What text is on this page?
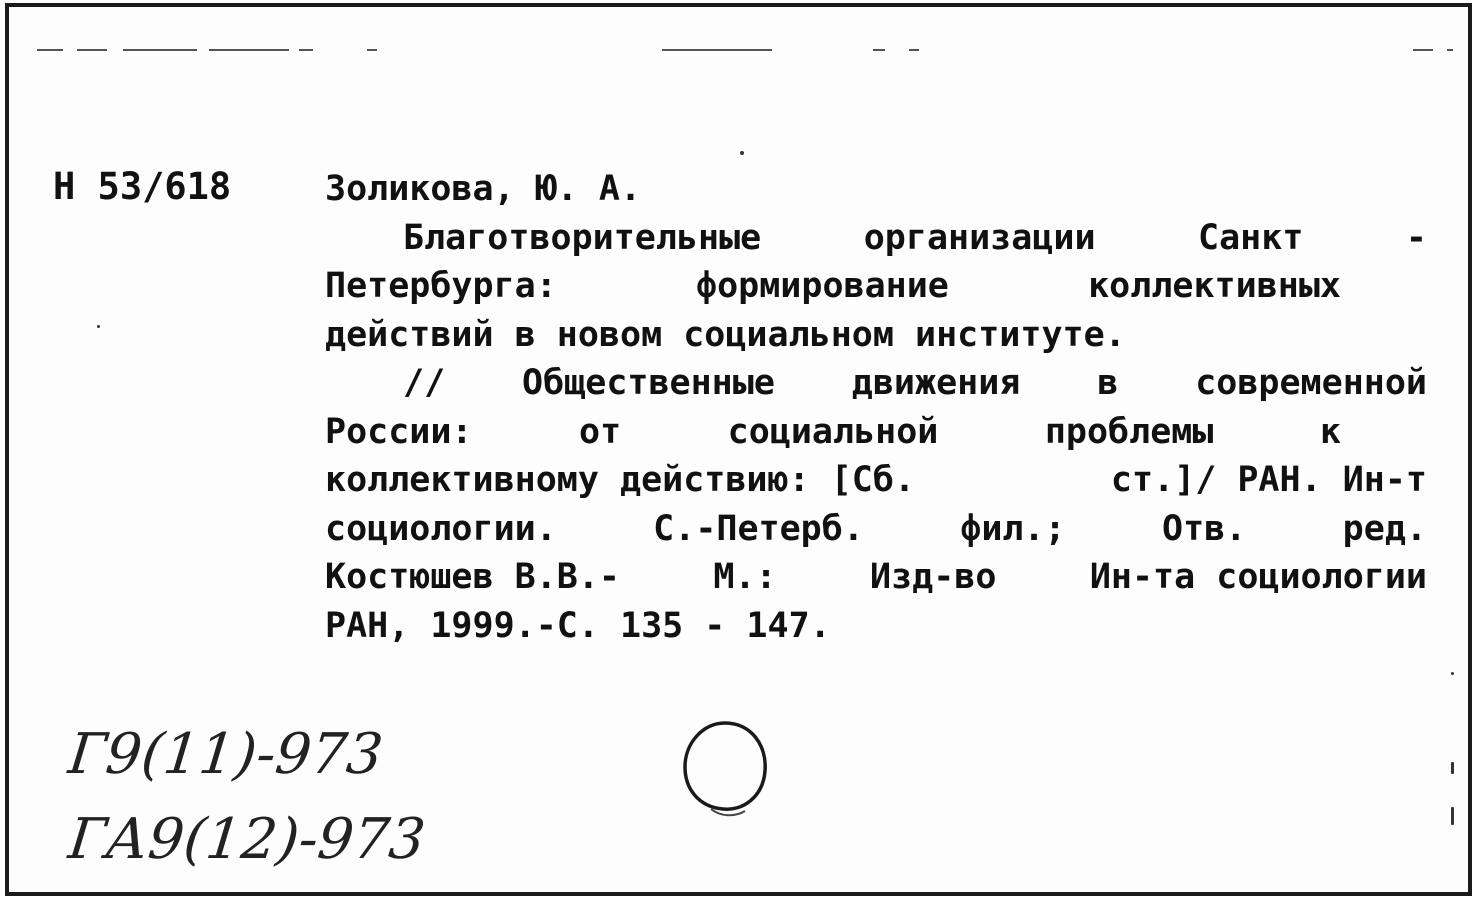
Н 53/618	Золикова, Ю. А.
Благотворительные	организации	Санкт	-
Петербурга:	формирование	коллективных
действий в новом социальном институте.
// Общественные движения в современной
России:	от	социальной	проблемы	к
коллективному действию: [Сб.	ст.]/ РАН. Ин-т
социологии.	С.-Петерб.	фил.;	Отв.	ред.
Костюшев В.В.-	М.:	Изд-во	Ин-та социологии
РАН, 1999.-С. 135 - 147.
Г9(11)-973
ГА9(12)-973
